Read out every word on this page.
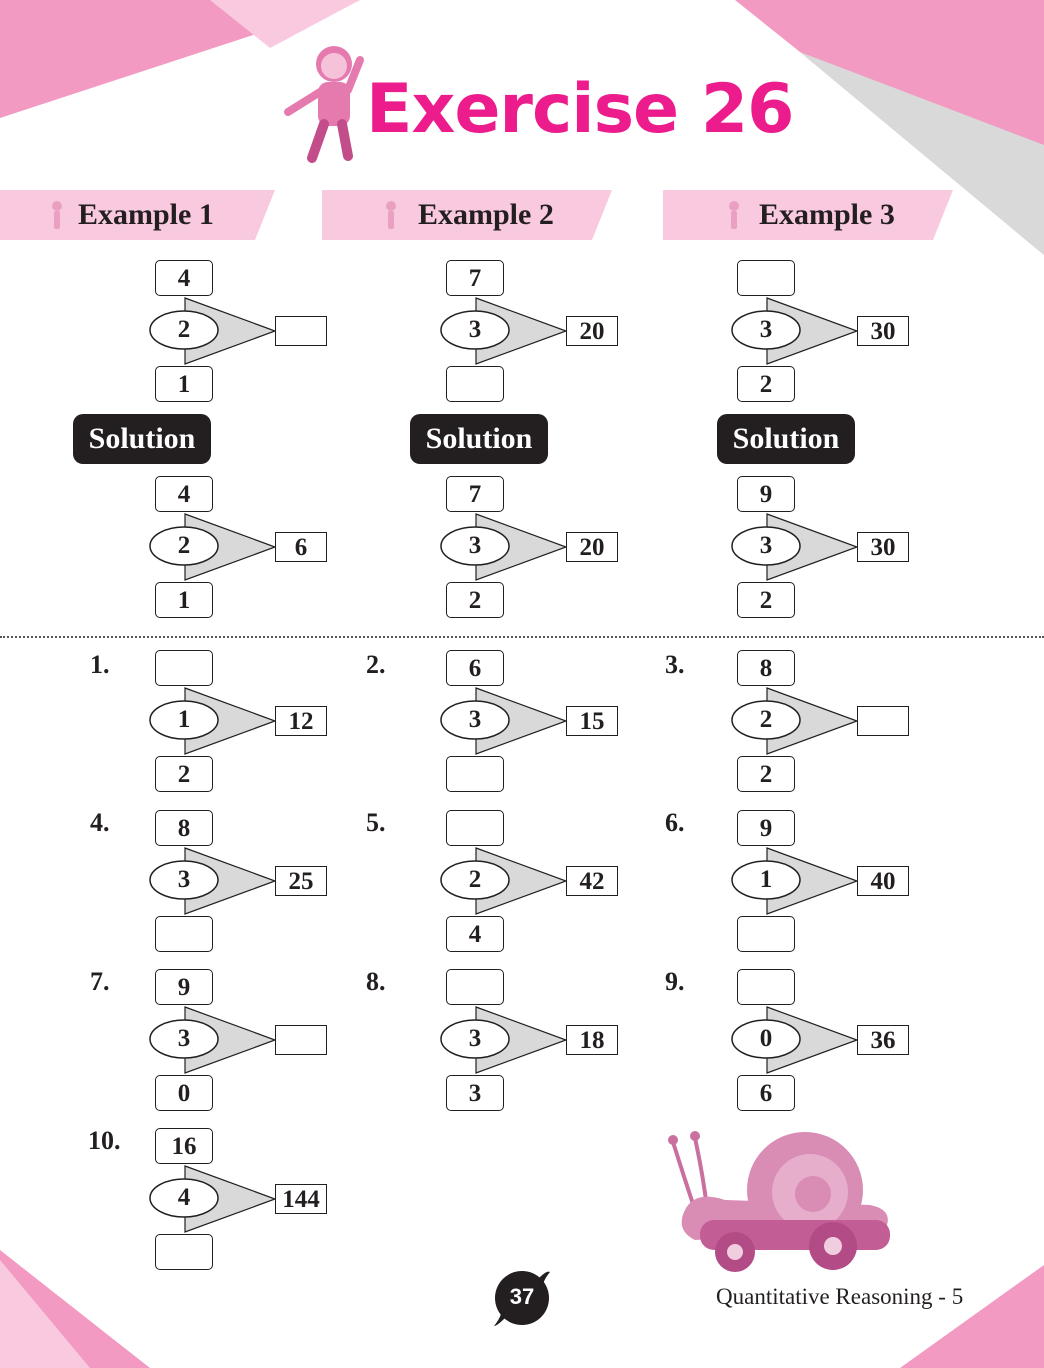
Exercise 26
Example 1	Example 2	Example 3
4
2
1
7
3	20	3	30
2
Solution	Solution	Solution
4
2	6
1
7
3	20
2
9
3	30
2
1.
1	12
2
2.	6
3	15
3.	8
2
2
4.	8
3	25
5.
2	42
4
6.	9
1	40
7.	9
3
0
8.
3	18
3
9.
0	36
6
10.	16
4	144
37	Quantitative Reasoning - 5
